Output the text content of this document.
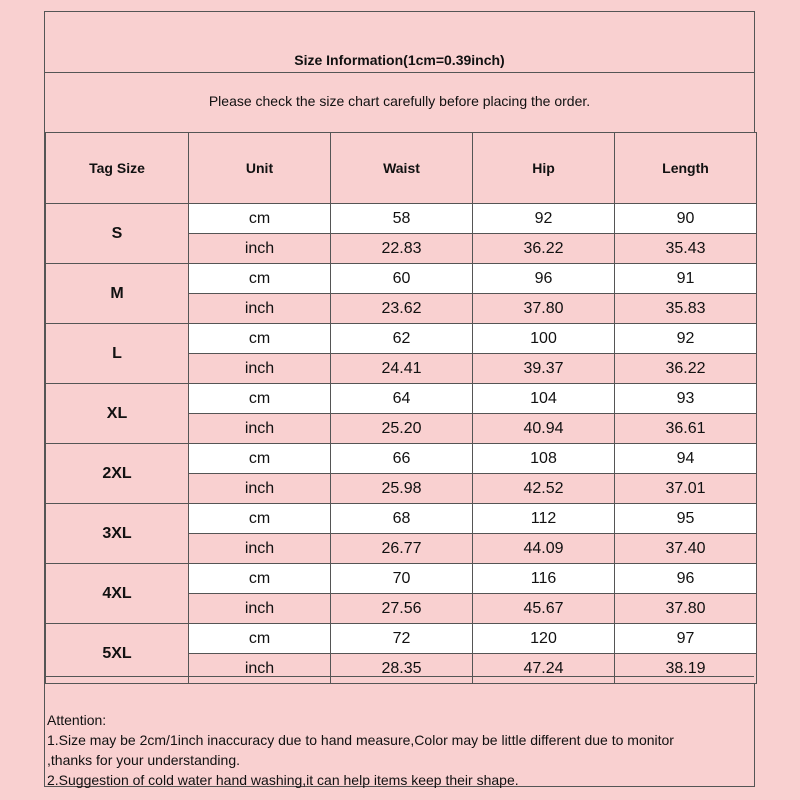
Size Information(1cm=0.39inch)
Please check the size chart carefully before placing the order.
Tag Size	Unit	Waist	Hip	Length
S	cm	58	92	90
	inch	22.83	36.22	35.43
M	cm	60	96	91
	inch	23.62	37.80	35.83
L	cm	62	100	92
	inch	24.41	39.37	36.22
XL	cm	64	104	93
	inch	25.20	40.94	36.61
2XL	cm	66	108	94
	inch	25.98	42.52	37.01
3XL	cm	68	112	95
	inch	26.77	44.09	37.40
4XL	cm	70	116	96
	inch	27.56	45.67	37.80
5XL	cm	72	120	97
	inch	28.35	47.24	38.19
Attention:
1.Size may be 2cm/1inch inaccuracy due to hand measure,Color may be little different due to monitor
,thanks for your understanding.
2.Suggestion of cold water hand washing,it can help items keep their shape.
